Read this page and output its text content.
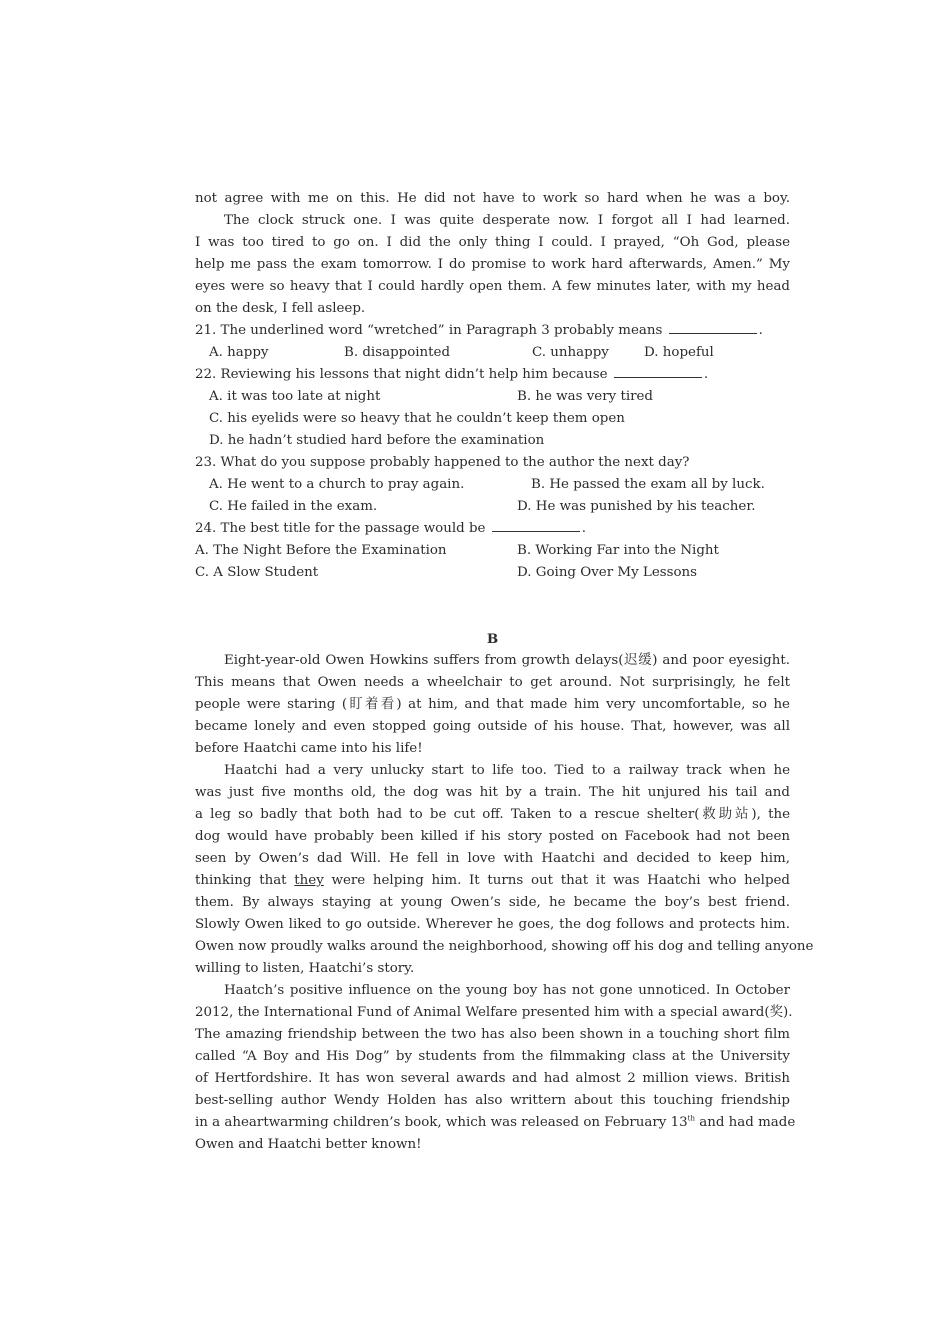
not agree with me on this. He did not have to work so hard when he was a boy.
The clock struck one. I was quite desperate now. I forgot all I had learned.
I was too tired to go on. I did the only thing I could. I prayed, “Oh God, please
help me pass the exam tomorrow. I do promise to work hard afterwards, Amen.” My
eyes were so heavy that I could hardly open them. A few minutes later, with my head
on the desk, I fell asleep.
21. The underlined word “wretched” in Paragraph 3 probably means	.
A. happy	B. disappointed	C. unhappy	D. hopeful
22. Reviewing his lessons that night didn’t help him because	.
A. it was too late at night	B. he was very tired
C. his eyelids were so heavy that he couldn’t keep them open
D. he hadn’t studied hard before the examination
23. What do you suppose probably happened to the author the next day?
A. He went to a church to pray again.	B. He passed the exam all by luck.
C. He failed in the exam.	D. He was punished by his teacher.
24. The best title for the passage would be	.
A. The Night Before the Examination	B. Working Far into the Night
C. A Slow Student	D. Going Over My Lessons
B
Eight-year-old Owen Howkins suffers from growth delays(迟缓) and poor eyesight.
This means that Owen needs a wheelchair to get around. Not surprisingly, he felt
people were staring (盯着看) at him, and that made him very uncomfortable, so he
became lonely and even stopped going outside of his house. That, however, was all
before Haatchi came into his life!
Haatchi had a very unlucky start to life too. Tied to a railway track when he
was just five months old, the dog was hit by a train. The hit unjured his tail and
a leg so badly that both had to be cut off. Taken to a rescue shelter(救助站), the
dog would have probably been killed if his story posted on Facebook had not been
seen by Owen’s dad Will. He fell in love with Haatchi and decided to keep him,
thinking that they were helping him. It turns out that it was Haatchi who helped
them. By always staying at young Owen’s side, he became the boy’s best friend.
Slowly Owen liked to go outside. Wherever he goes, the dog follows and protects him.
Owen now proudly walks around the neighborhood, showing off his dog and telling anyone
willing to listen, Haatchi’s story.
Haatch’s positive influence on the young boy has not gone unnoticed. In October
2012, the International Fund of Animal Welfare presented him with a special award(奖).
The amazing friendship between the two has also been shown in a touching short film
called “A Boy and His Dog” by students from the filmmaking class at the University
of Hertfordshire. It has won several awards and had almost 2 million views. British
best-selling author Wendy Holden has also writtern about this touching friendship
in a aheartwarming children’s book, which was released on February 13th and had made
Owen and Haatchi better known!
